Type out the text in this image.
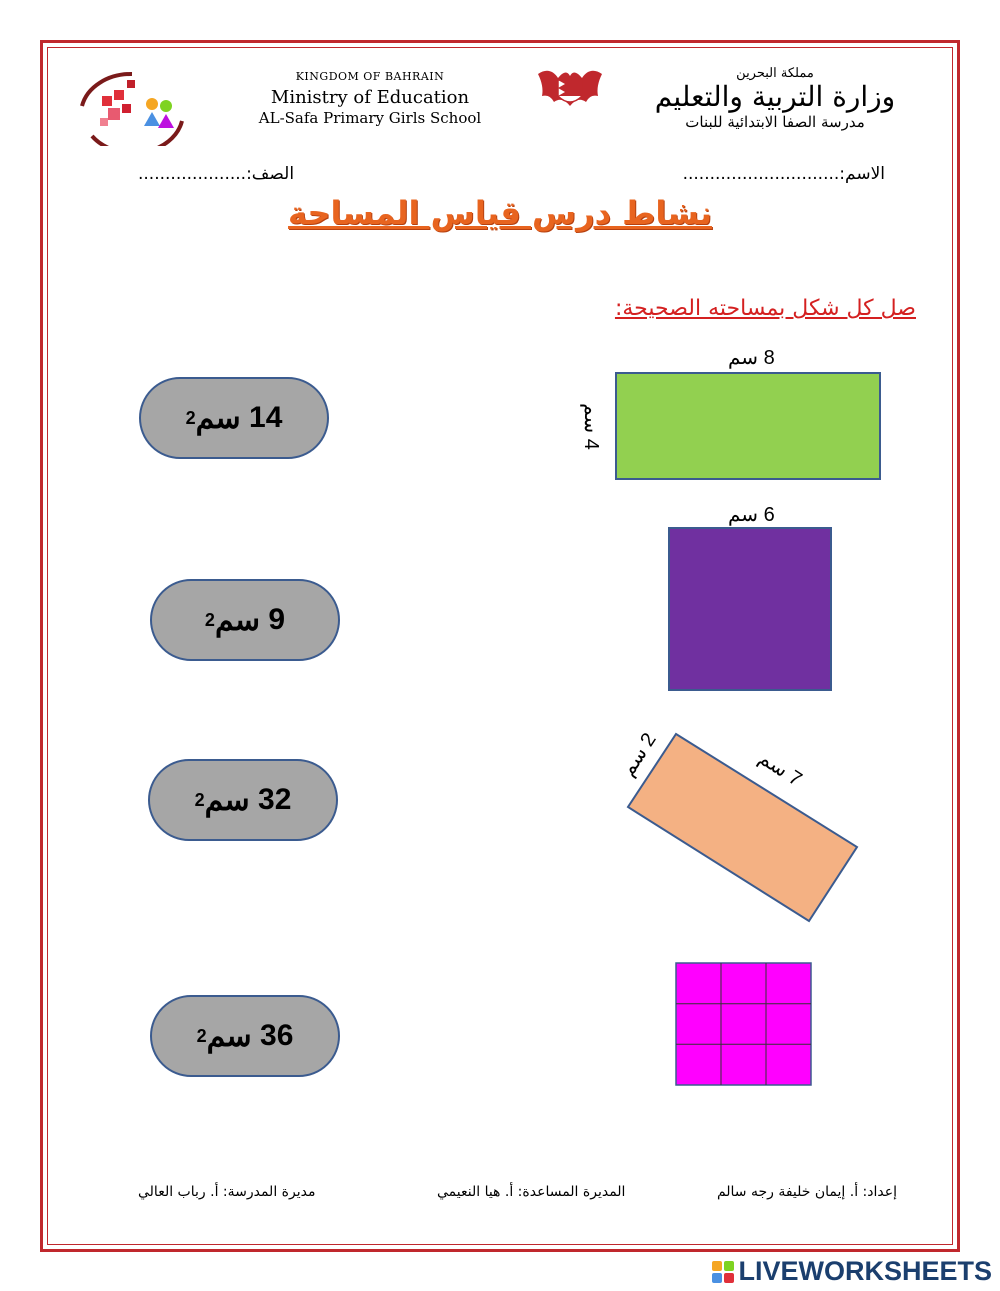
KINGDOM OF BAHRAIN
Ministry of Education
AL-Safa Primary Girls School
مملكة البحرين
وزارة التربية والتعليم
مدرسة الصفا الابتدائية للبنات
الاسم:.............................
الصف:....................
نشاط درس قياس المساحة
صل كل شكل بمساحته الصحيحة:
14

سم
2
9

سم
2
32

سم
2
36

سم
2
8 سم
4 سم
6 سم
2 سم
7 سم
إعداد: أ. إيمان خليفة رجه سالم
المديرة المساعدة: أ. هيا النعيمي
مديرة المدرسة: أ. رباب العالي
LIVEWORKSHEETS
